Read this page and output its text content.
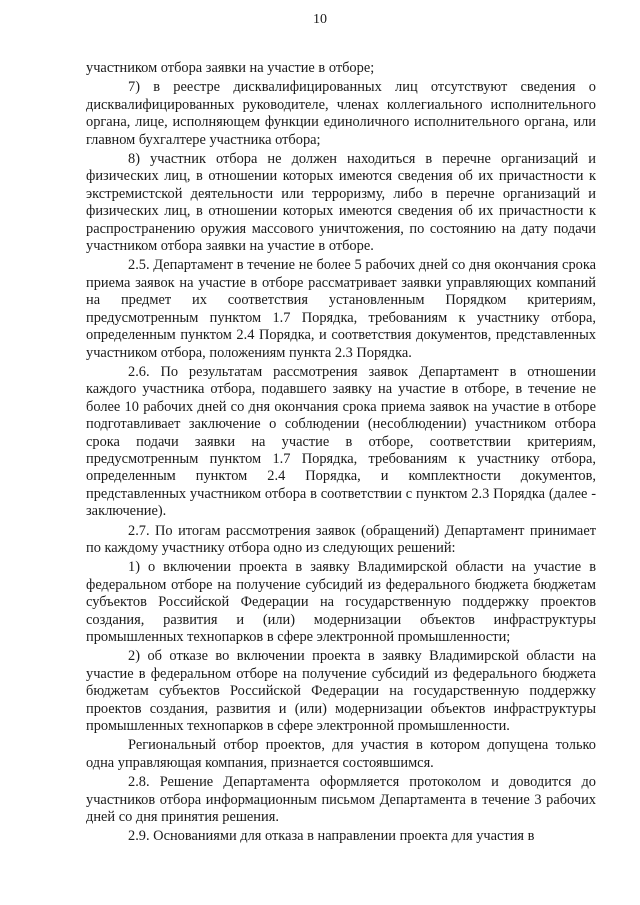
10

участником отбора заявки на участие в отборе;

7) в реестре дисквалифицированных лиц отсутствуют сведения о дисквалифицированных руководителе, членах коллегиального исполнительного органа, лице, исполняющем функции единоличного исполнительного органа, или главном бухгалтере участника отбора;

8) участник отбора не должен находиться в перечне организаций и физических лиц, в отношении которых имеются сведения об их причастности к экстремистской деятельности или терроризму, либо в перечне организаций и физических лиц, в отношении которых имеются сведения об их причастности к распространению оружия массового уничтожения, по состоянию на дату подачи участником отбора заявки на участие в отборе.

2.5. Департамент в течение не более 5 рабочих дней со дня окончания срока приема заявок на участие в отборе рассматривает заявки управляющих компаний на предмет их соответствия установленным Порядком критериям, предусмотренным пунктом 1.7 Порядка, требованиям к участнику отбора, определенным пунктом 2.4 Порядка, и соответствия документов, представленных участником отбора, положениям пункта 2.3 Порядка.

2.6. По результатам рассмотрения заявок Департамент в отношении каждого участника отбора, подавшего заявку на участие в отборе, в течение не более 10 рабочих дней со дня окончания срока приема заявок на участие в отборе подготавливает заключение о соблюдении (несоблюдении) участником отбора срока подачи заявки на участие в отборе, соответствии критериям, предусмотренным пунктом 1.7 Порядка, требованиям к участнику отбора, определенным пунктом 2.4 Порядка, и комплектности документов, представленных участником отбора в соответствии с пунктом 2.3 Порядка (далее - заключение).

2.7. По итогам рассмотрения заявок (обращений) Департамент принимает по каждому участнику отбора одно из следующих решений:

1) о включении проекта в заявку Владимирской области на участие в федеральном отборе на получение субсидий из федерального бюджета бюджетам субъектов Российской Федерации на государственную поддержку проектов создания, развития и (или) модернизации объектов инфраструктуры промышленных технопарков в сфере электронной промышленности;

2) об отказе во включении проекта в заявку Владимирской области на участие в федеральном отборе на получение субсидий из федерального бюджета бюджетам субъектов Российской Федерации на государственную поддержку проектов создания, развития и (или) модернизации объектов инфраструктуры промышленных технопарков в сфере электронной промышленности.

Региональный отбор проектов, для участия в котором допущена только одна управляющая компания, признается состоявшимся.

2.8. Решение Департамента оформляется протоколом и доводится до участников отбора информационным письмом Департамента в течение 3 рабочих дней со дня принятия решения.

2.9. Основаниями для отказа в направлении проекта для участия в
